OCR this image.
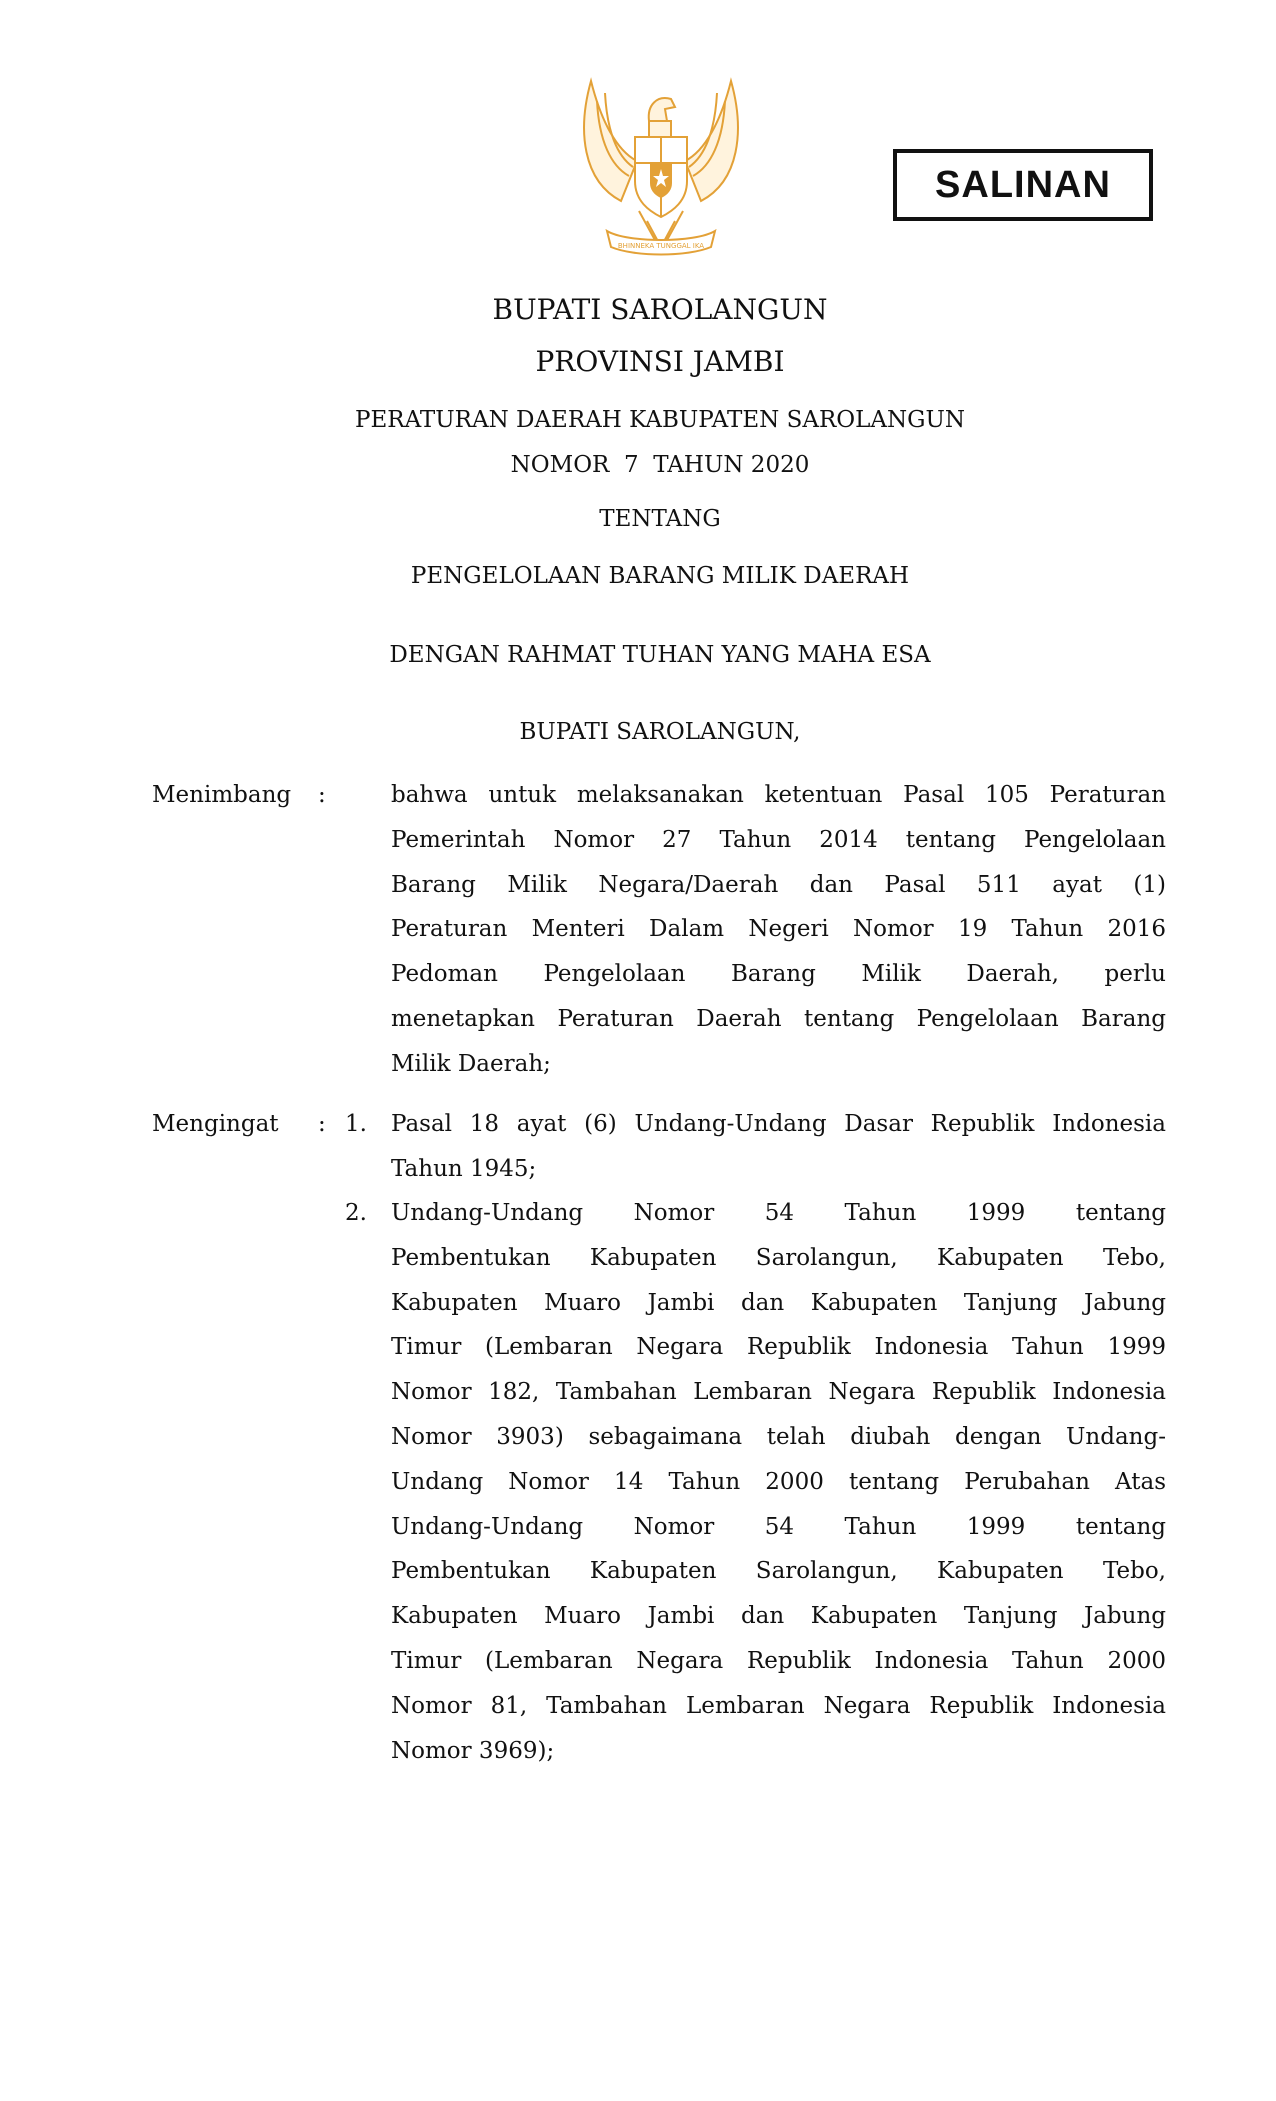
BHINNEKA TUNGGAL IKA
SALINAN
BUPATI SAROLANGUN
PROVINSI JAMBI
PERATURAN DAERAH KABUPATEN SAROLANGUN
NOMOR  7  TAHUN 2020
TENTANG
PENGELOLAAN BARANG MILIK DAERAH
DENGAN RAHMAT TUHAN YANG MAHA ESA
BUPATI SAROLANGUN,
Menimbang :	bahwa untuk melaksanakan ketentuan Pasal 105 Peraturan
Pemerintah Nomor 27 Tahun 2014 tentang Pengelolaan
Barang Milik Negara/Daerah dan Pasal 511 ayat (1)
Peraturan Menteri Dalam Negeri Nomor 19 Tahun 2016
Pedoman Pengelolaan Barang Milik Daerah, perlu
menetapkan Peraturan Daerah tentang Pengelolaan Barang
Milik Daerah;
Mengingat : 1. Pasal 18 ayat (6) Undang-Undang Dasar Republik Indonesia
Tahun 1945;
2. Undang-Undang Nomor 54 Tahun 1999 tentang
Pembentukan Kabupaten Sarolangun, Kabupaten Tebo,
Kabupaten Muaro Jambi dan Kabupaten Tanjung Jabung
Timur (Lembaran Negara Republik Indonesia Tahun 1999
Nomor 182, Tambahan Lembaran Negara Republik Indonesia
Nomor 3903) sebagaimana telah diubah dengan Undang-
Undang Nomor 14 Tahun 2000 tentang Perubahan Atas
Undang-Undang Nomor 54 Tahun 1999 tentang
Pembentukan Kabupaten Sarolangun, Kabupaten Tebo,
Kabupaten Muaro Jambi dan Kabupaten Tanjung Jabung
Timur (Lembaran Negara Republik Indonesia Tahun 2000
Nomor 81, Tambahan Lembaran Negara Republik Indonesia
Nomor 3969);
